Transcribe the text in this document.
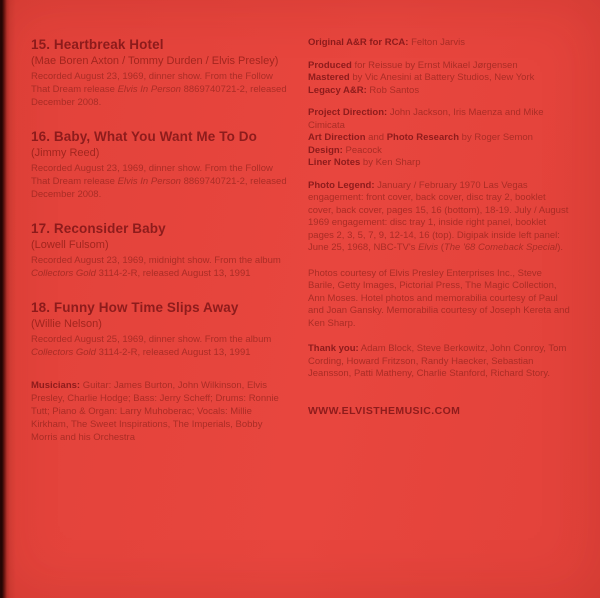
15. Heartbreak Hotel
(Mae Boren Axton / Tommy Durden / Elvis Presley)
Recorded August 23, 1969, dinner show. From the Follow That Dream release Elvis In Person 8869740721-2, released December 2008.
16. Baby, What You Want Me To Do
(Jimmy Reed)
Recorded August 23, 1969, dinner show. From the Follow That Dream release Elvis In Person 8869740721-2, released December 2008.
17. Reconsider Baby
(Lowell Fulsom)
Recorded August 23, 1969, midnight show. From the album Collectors Gold 3114-2-R, released August 13, 1991
18. Funny How Time Slips Away
(Willie Nelson)
Recorded August 25, 1969, dinner show. From the album Collectors Gold 3114-2-R, released August 13, 1991
Musicians: Guitar: James Burton, John Wilkinson, Elvis Presley, Charlie Hodge; Bass: Jerry Scheff; Drums: Ronnie Tutt; Piano & Organ: Larry Muhoberac; Vocals: Millie Kirkham, The Sweet Inspirations, The Imperials, Bobby Morris and his Orchestra
Original A&R for RCA: Felton Jarvis
Produced for Reissue by Ernst Mikael Jørgensen
Mastered by Vic Anesini at Battery Studios, New York
Legacy A&R: Rob Santos
Project Direction: John Jackson, Iris Maenza and Mike Cimicata
Art Direction and Photo Research by Roger Semon
Design: Peacock
Liner Notes by Ken Sharp
Photo Legend: January / February 1970 Las Vegas engagement: front cover, back cover, disc tray 2, booklet cover, back cover, pages 15, 16 (bottom), 18-19. July / August 1969 engagement: disc tray 1, inside right panel, booklet pages 2, 3, 5, 7, 9, 12-14, 16 (top). Digipak inside left panel: June 25, 1968, NBC-TV's Elvis (The '68 Comeback Special).
Photos courtesy of Elvis Presley Enterprises Inc., Steve Barile, Getty Images, Pictorial Press, The Magic Collection, Ann Moses. Hotel photos and memorabilia courtesy of Paul and Joan Gansky. Memorabilia courtesy of Joseph Kereta and Ken Sharp.
Thank you: Adam Block, Steve Berkowitz, John Conroy, Tom Cording, Howard Fritzson, Randy Haecker, Sebastian Jeansson, Patti Matheny, Charlie Stanford, Richard Story.
WWW.ELVISTHEMUSIC.COM
